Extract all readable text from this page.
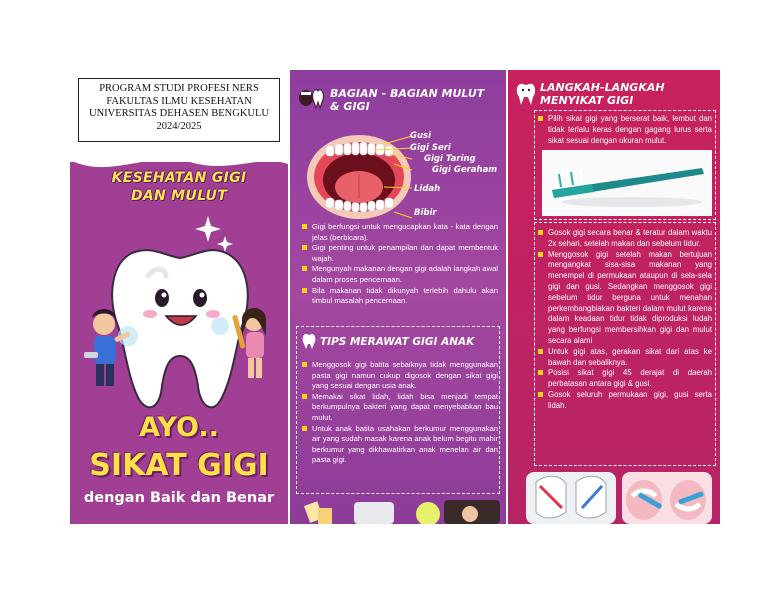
PROGRAM STUDI PROFESI NERS
FAKULTAS ILMU KESEHATAN
UNIVERSITAS DEHASEN BENGKULU
2024/2025
KESEHATAN GIGI
DAN MULUT
AYO..
SIKAT GIGI
dengan Baik dan Benar
BAGIAN - BAGIAN MULUT
& GIGI
Gusi
Gigi Seri
Gigi Taring
Gigi Geraham
Lidah
Bibir
Gigi berfungsi untuk mengucapkan kata - kata dengan jelas (berbicara).
Gigi penting untuk penampilan dan dapat membentuk wajah.
Mengunyah makanan dengan gigi adalah langkah awal dalam proses pencernaan.
Bila makanan tidak dikunyah terlebih dahulu akan timbul masalah pencernaan.
TIPS MERAWAT GIGI ANAK
Menggosok gigi batita sebaiknya tidak menggunakan pasta gigi namun cukup digosok dengan sikat gigi yang sesuai dengan usia anak.
Memakai sikat lidah, lidah bisa menjadi tempat berkumpulnya bakteri yang dapat menyebabkan bau mulut.
Untuk anak batita usahakan berkumur menggunakan air yang sudah masak karena anak belum begitu mahir berkumur yang dikhawatirkan anak menelan air dan pasta gigi.
LANGKAH-LANGKAH
MENYIKAT GIGI
Pilih sikat gigi yang berserat baik, lembut dan tidak terlalu keras dengan gagang lurus serta sikat sesuai dengan ukuran mulut.
Gosok gigi secara benar & teratur dalam waktu 2x sehari, setelah makan dan sebelum tidur.
Menggosok gigi setelah makan bertujuan mengangkat sisa-sisa makanan yang menempel di permukaan ataupun di sela-sela gigi dan gusi. Sedangkan menggosok gigi sebelum tidur berguna untuk menahan perkembangbiakan bakteri dalam mulut karena dalam keadaan tidur tidak diproduksi ludah yang berfungsi membersihkan gigi dan mulut secara alami
Untuk gigi atas, gerakan sikat dari atas ke bawah dan sebaliknya.
Posisi sikat gigi 45 derajat di daerah perbatasan antara gigi & gusi.
Gosok seluruh permukaan gigi, gusi serta lidah.
